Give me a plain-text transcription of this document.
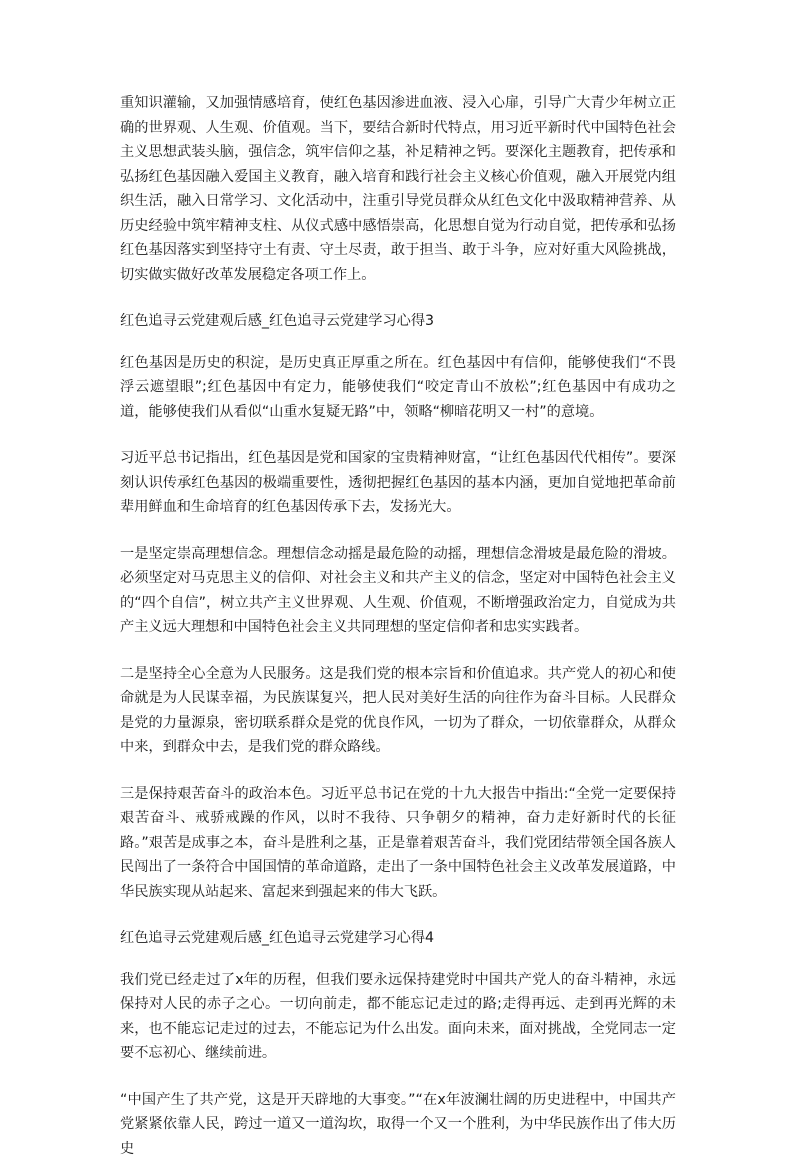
重知识灌输，又加强情感培育，使红色基因渗进血液、浸入心扉，引导广大青少年树立正确的世界观、人生观、价值观。当下，要结合新时代特点，用习近平新时代中国特色社会主义思想武装头脑，强信念，筑牢信仰之基，补足精神之钙。要深化主题教育，把传承和弘扬红色基因融入爱国主义教育，融入培育和践行社会主义核心价值观，融入开展党内组织生活，融入日常学习、文化活动中，注重引导党员群众从红色文化中汲取精神营养、从历史经验中筑牢精神支柱、从仪式感中感悟崇高，化思想自觉为行动自觉，把传承和弘扬红色基因落实到坚持守土有责、守土尽责，敢于担当、敢于斗争，应对好重大风险挑战，切实做实做好改革发展稳定各项工作上。

红色追寻云党建观后感_红色追寻云党建学习心得3

红色基因是历史的积淀，是历史真正厚重之所在。红色基因中有信仰，能够使我们“不畏浮云遮望眼”;红色基因中有定力，能够使我们“咬定青山不放松”;红色基因中有成功之道，能够使我们从看似“山重水复疑无路”中，领略“柳暗花明又一村”的意境。

习近平总书记指出，红色基因是党和国家的宝贵精神财富，“让红色基因代代相传”。要深刻认识传承红色基因的极端重要性，透彻把握红色基因的基本内涵，更加自觉地把革命前辈用鲜血和生命培育的红色基因传承下去，发扬光大。

一是坚定崇高理想信念。理想信念动摇是最危险的动摇，理想信念滑坡是最危险的滑坡。必须坚定对马克思主义的信仰、对社会主义和共产主义的信念，坚定对中国特色社会主义的“四个自信”，树立共产主义世界观、人生观、价值观，不断增强政治定力，自觉成为共产主义远大理想和中国特色社会主义共同理想的坚定信仰者和忠实实践者。

二是坚持全心全意为人民服务。这是我们党的根本宗旨和价值追求。共产党人的初心和使命就是为人民谋幸福，为民族谋复兴，把人民对美好生活的向往作为奋斗目标。人民群众是党的力量源泉，密切联系群众是党的优良作风，一切为了群众，一切依靠群众，从群众中来，到群众中去，是我们党的群众路线。

三是保持艰苦奋斗的政治本色。习近平总书记在党的十九大报告中指出:“全党一定要保持艰苦奋斗、戒骄戒躁的作风，以时不我待、只争朝夕的精神，奋力走好新时代的长征路。”艰苦是成事之本，奋斗是胜利之基，正是靠着艰苦奋斗，我们党团结带领全国各族人民闯出了一条符合中国国情的革命道路，走出了一条中国特色社会主义改革发展道路，中华民族实现从站起来、富起来到强起来的伟大飞跃。

红色追寻云党建观后感_红色追寻云党建学习心得4

我们党已经走过了x年的历程，但我们要永远保持建党时中国共产党人的奋斗精神，永远保持对人民的赤子之心。一切向前走，都不能忘记走过的路;走得再远、走到再光辉的未来，也不能忘记走过的过去，不能忘记为什么出发。面向未来，面对挑战，全党同志一定要不忘初心、继续前进。

“中国产生了共产党，这是开天辟地的大事变。”“在x年波澜壮阔的历史进程中，中国共产党紧紧依靠人民，跨过一道又一道沟坎，取得一个又一个胜利，为中华民族作出了伟大历史
